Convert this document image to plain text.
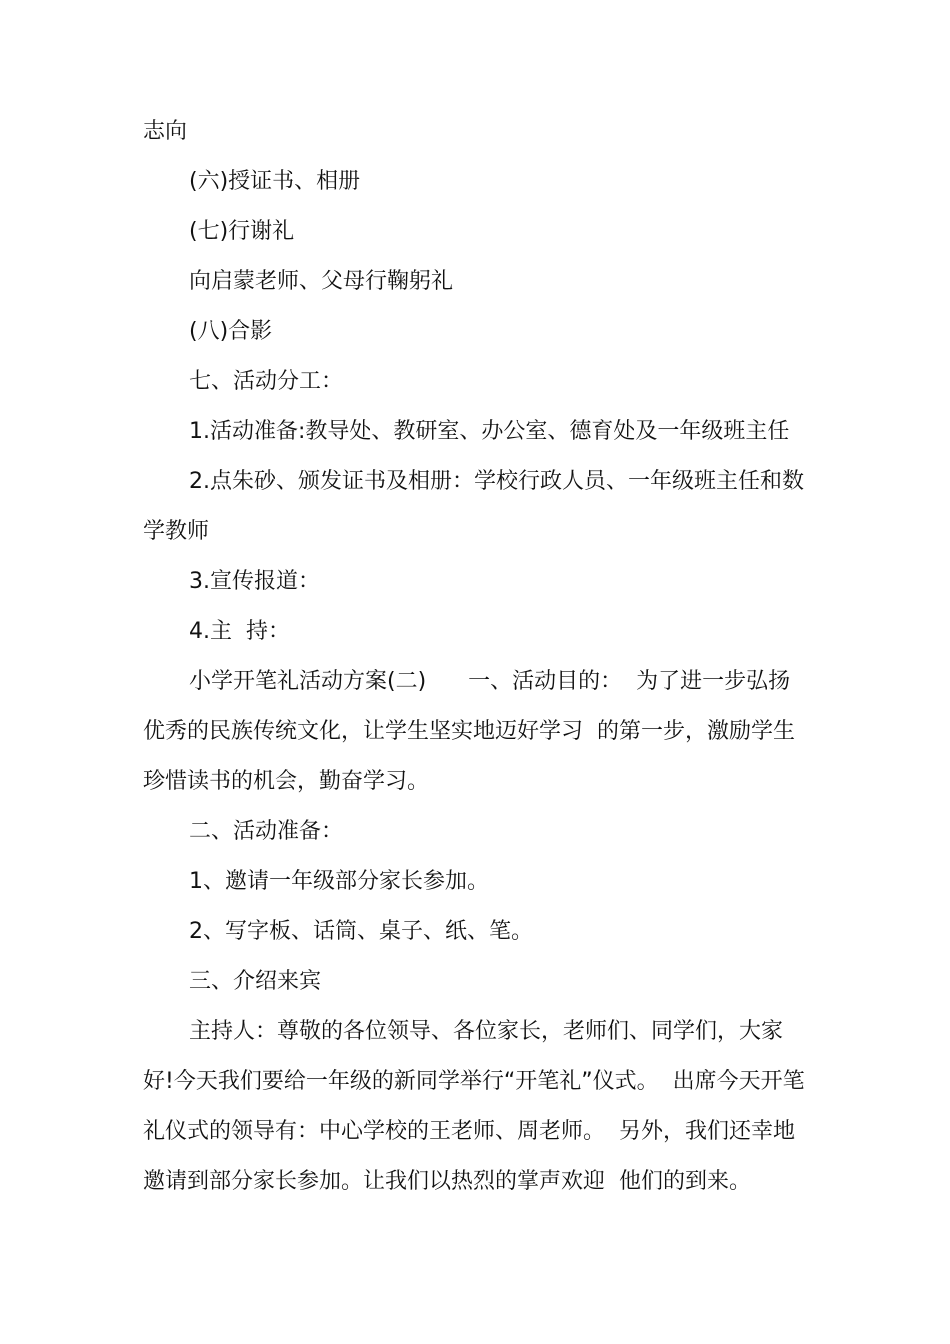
志向

(六)授证书、相册

(七)行谢礼

向启蒙老师、父母行鞠躬礼

(八)合影

七、活动分工：

1.活动准备:教导处、教研室、办公室、德育处及一年级班主任

2.点朱砂、颁发证书及相册：学校行政人员、一年级班主任和数学教师

3.宣传报道：

4.主  持：

小学开笔礼活动方案(二)      一、活动目的：  为了进一步弘扬优秀的民族传统文化，让学生坚实地迈好学习  的第一步，激励学生珍惜读书的机会，勤奋学习。

二、活动准备：

1、邀请一年级部分家长参加。

2、写字板、话筒、桌子、纸、笔。

三、介绍来宾

主持人：尊敬的各位领导、各位家长，老师们、同学们，大家  好!今天我们要给一年级的新同学举行“开笔礼”仪式。  出席今天开笔礼仪式的领导有：中心学校的王老师、周老师。  另外，我们还幸地邀请到部分家长参加。让我们以热烈的掌声欢迎  他们的到来。
